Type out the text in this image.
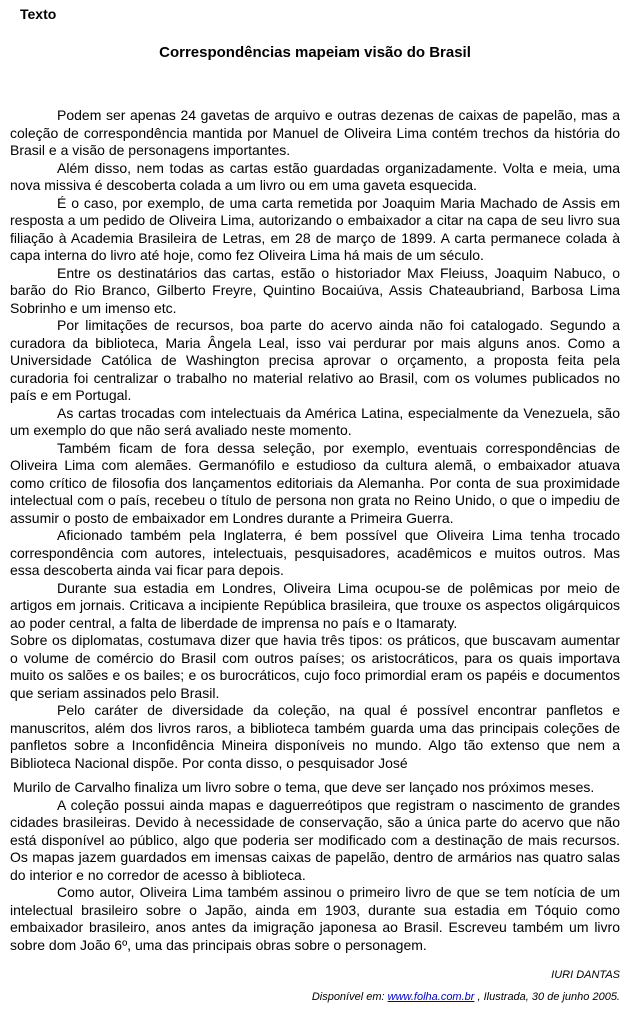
Texto
Correspondências mapeiam visão do Brasil

Podem ser apenas 24 gavetas de arquivo e outras dezenas de caixas de papelão, mas a coleção de correspondência mantida por Manuel de Oliveira Lima contém trechos da história do Brasil e a visão de personagens importantes.

Além disso, nem todas as cartas estão guardadas organizadamente. Volta e meia, uma nova missiva é descoberta colada a um livro ou em uma gaveta esquecida.

É o caso, por exemplo, de uma carta remetida por Joaquim Maria Machado de Assis em resposta a um pedido de Oliveira Lima, autorizando o embaixador a citar na capa de seu livro sua filiação à Academia Brasileira de Letras, em 28 de março de 1899. A carta permanece colada à capa interna do livro até hoje, como fez Oliveira Lima há mais de um século.

Entre os destinatários das cartas, estão o historiador Max Fleiuss, Joaquim Nabuco, o barão do Rio Branco, Gilberto Freyre, Quintino Bocaiúva, Assis Chateaubriand, Barbosa Lima Sobrinho e um imenso etc.

Por limitações de recursos, boa parte do acervo ainda não foi catalogado. Segundo a curadora da biblioteca, Maria Ângela Leal, isso vai perdurar por mais alguns anos. Como a Universidade Católica de Washington precisa aprovar o orçamento, a proposta feita pela curadoria foi centralizar o trabalho no material relativo ao Brasil, com os volumes publicados no país e em Portugal.

As cartas trocadas com intelectuais da América Latina, especialmente da Venezuela, são um exemplo do que não será avaliado neste momento.

Também ficam de fora dessa seleção, por exemplo, eventuais correspondências de Oliveira Lima com alemães. Germanófilo e estudioso da cultura alemã, o embaixador atuava como crítico de filosofia dos lançamentos editoriais da Alemanha. Por conta de sua proximidade intelectual com o país, recebeu o título de persona non grata no Reino Unido, o que o impediu de assumir o posto de embaixador em Londres durante a Primeira Guerra.

Aficionado também pela Inglaterra, é bem possível que Oliveira Lima tenha trocado correspondência com autores, intelectuais, pesquisadores, acadêmicos e muitos outros. Mas essa descoberta ainda vai ficar para depois.

Durante sua estadia em Londres, Oliveira Lima ocupou-se de polêmicas por meio de artigos em jornais. Criticava a incipiente República brasileira, que trouxe os aspectos oligárquicos ao poder central, a falta de liberdade de imprensa no país e o Itamaraty.

Sobre os diplomatas, costumava dizer que havia três tipos: os práticos, que buscavam aumentar o volume de comércio do Brasil com outros países; os aristocráticos, para os quais importava muito os salões e os bailes; e os burocráticos, cujo foco primordial eram os papéis e documentos que seriam assinados pelo Brasil.

Pelo caráter de diversidade da coleção, na qual é possível encontrar panfletos e manuscritos, além dos livros raros, a biblioteca também guarda uma das principais coleções de panfletos sobre a Inconfidência Mineira disponíveis no mundo. Algo tão extenso que nem a Biblioteca Nacional dispõe. Por conta disso, o pesquisador José

Murilo de Carvalho finaliza um livro sobre o tema, que deve ser lançado nos próximos meses.

A coleção possui ainda mapas e daguerreótipos que registram o nascimento de grandes cidades brasileiras. Devido à necessidade de conservação, são a única parte do acervo que não está disponível ao público, algo que poderia ser modificado com a destinação de mais recursos. Os mapas jazem guardados em imensas caixas de papelão, dentro de armários nas quatro salas do interior e no corredor de acesso à biblioteca.

Como autor, Oliveira Lima também assinou o primeiro livro de que se tem notícia de um intelectual brasileiro sobre o Japão, ainda em 1903, durante sua estadia em Tóquio como embaixador brasileiro, anos antes da imigração japonesa ao Brasil. Escreveu também um livro sobre dom João 6º, uma das principais obras sobre o personagem.

IURI DANTAS
Disponível em: www.folha.com.br , Ilustrada, 30 de junho 2005.
